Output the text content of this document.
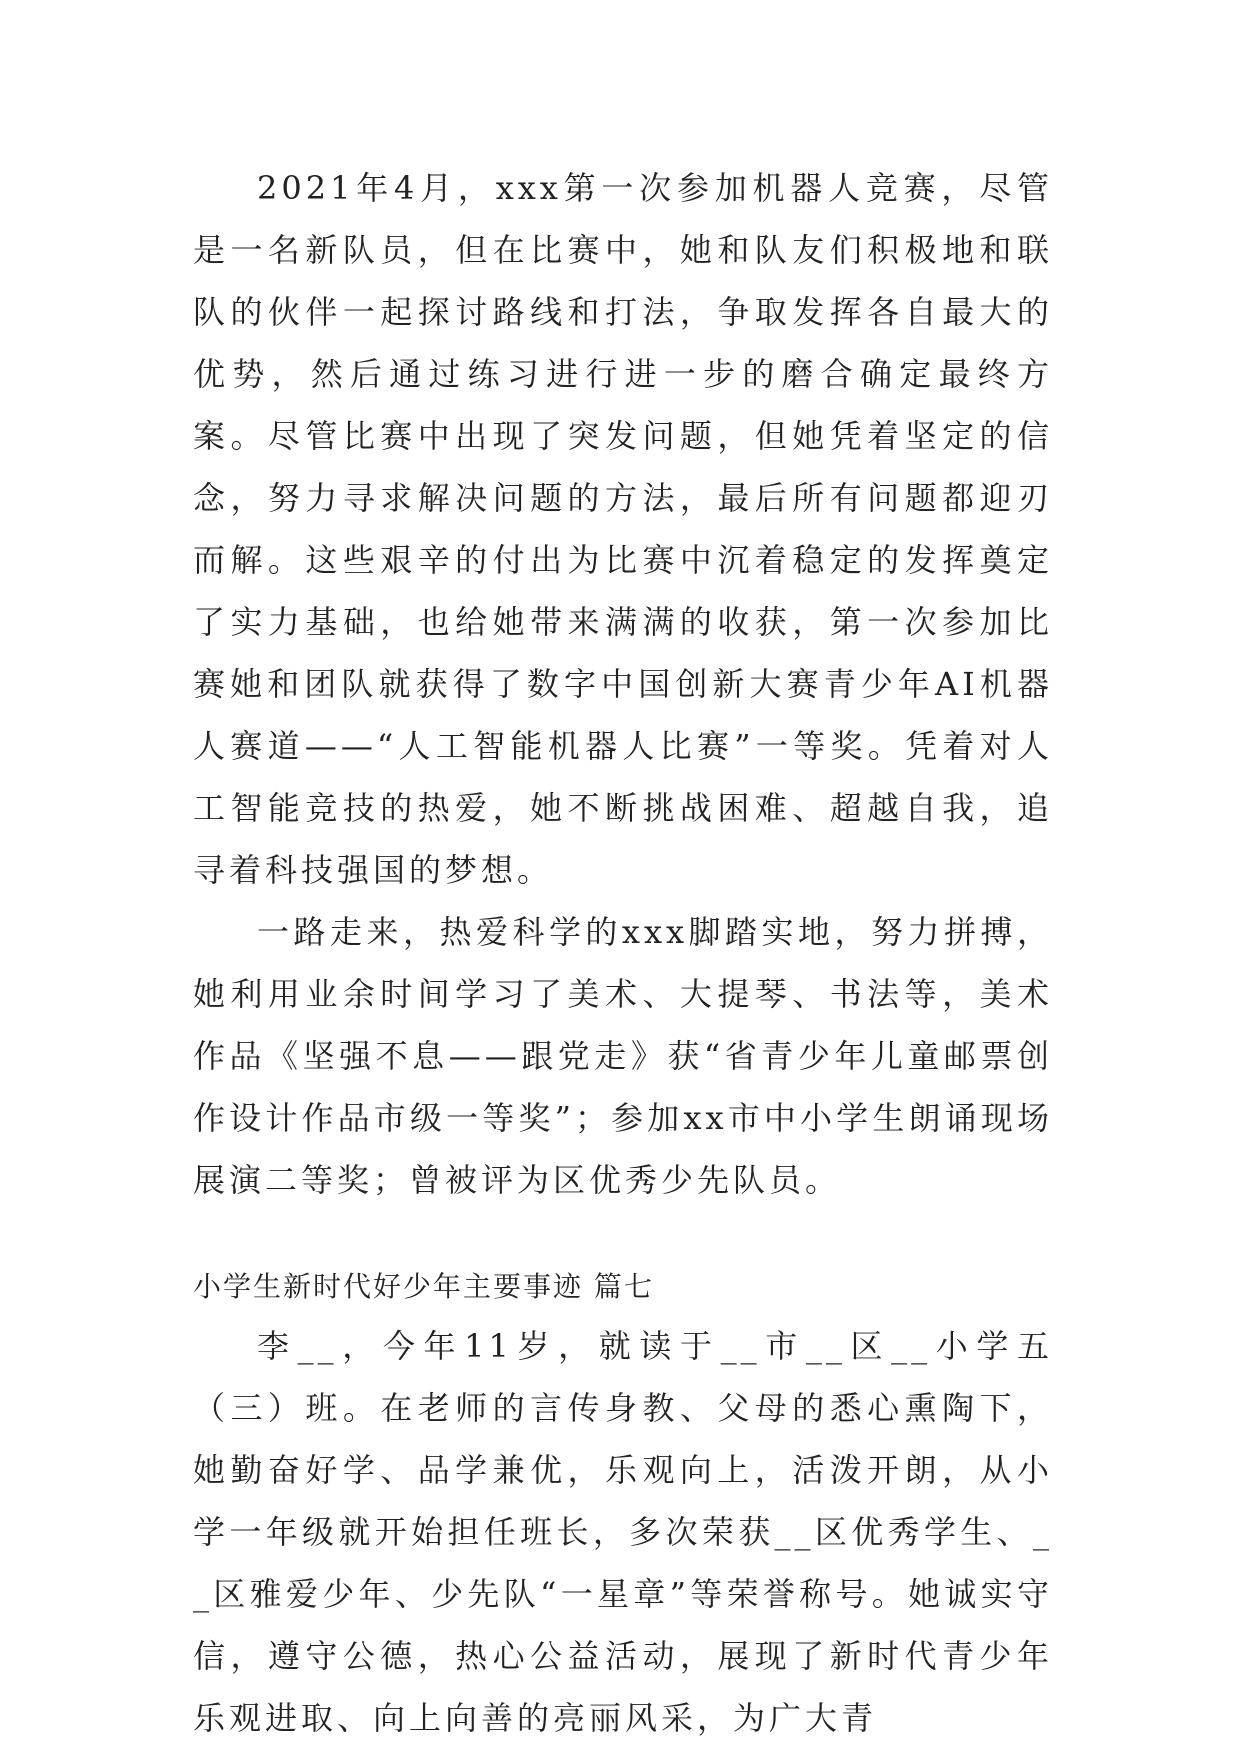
2021年4月，xxx第一次参加机器人竞赛，尽管是一名新队员，但在比赛中，她和队友们积极地和联队的伙伴一起探讨路线和打法，争取发挥各自最大的优势，然后通过练习进行进一步的磨合确定最终方案。尽管比赛中出现了突发问题，但她凭着坚定的信念，努力寻求解决问题的方法，最后所有问题都迎刃而解。这些艰辛的付出为比赛中沉着稳定的发挥奠定了实力基础，也给她带来满满的收获，第一次参加比赛她和团队就获得了数字中国创新大赛青少年AI机器人赛道——“人工智能机器人比赛”一等奖。凭着对人工智能竞技的热爱，她不断挑战困难、超越自我，追寻着科技强国的梦想。

一路走来，热爱科学的xxx脚踏实地，努力拼搏，她利用业余时间学习了美术、大提琴、书法等，美术作品《坚强不息——跟党走》获“省青少年儿童邮票创作设计作品市级一等奖”；参加xx市中小学生朗诵现场展演二等奖；曾被评为区优秀少先队员。

小学生新时代好少年主要事迹 篇七

李__，今年11岁，就读于__市__区__小学五（三）班。在老师的言传身教、父母的悉心熏陶下，她勤奋好学、品学兼优，乐观向上，活泼开朗，从小学一年级就开始担任班长，多次荣获__区优秀学生、__区雅爱少年、少先队“一星章”等荣誉称号。她诚实守信，遵守公德，热心公益活动，展现了新时代青少年乐观进取、向上向善的亮丽风采，为广大青
